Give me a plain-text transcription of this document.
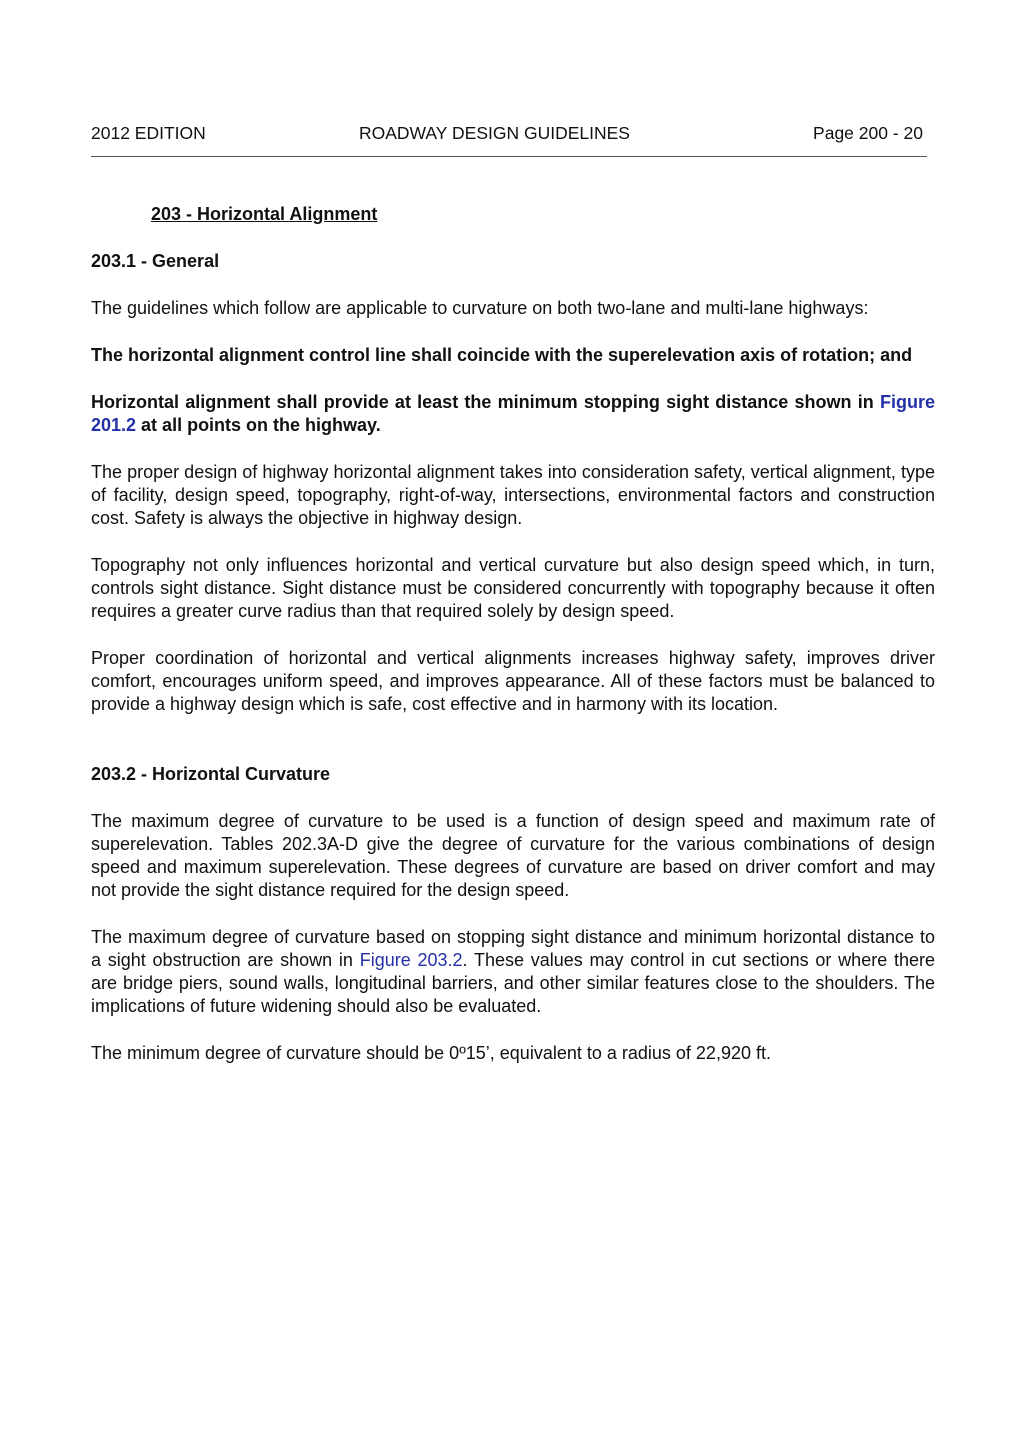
2012 EDITION	ROADWAY DESIGN GUIDELINES	Page 200 - 20

203 - Horizontal Alignment

203.1 - General

The guidelines which follow are applicable to curvature on both two-lane and multi-lane highways:

The horizontal alignment control line shall coincide with the superelevation axis of rotation; and

Horizontal alignment shall provide at least the minimum stopping sight distance shown in Figure 201.2 at all points on the highway.

The proper design of highway horizontal alignment takes into consideration safety, vertical alignment, type of facility, design speed, topography, right-of-way, intersections, environmental factors and construction cost. Safety is always the objective in highway design.

Topography not only influences horizontal and vertical curvature but also design speed which, in turn, controls sight distance. Sight distance must be considered concurrently with topography because it often requires a greater curve radius than that required solely by design speed.

Proper coordination of horizontal and vertical alignments increases highway safety, improves driver comfort, encourages uniform speed, and improves appearance. All of these factors must be balanced to provide a highway design which is safe, cost effective and in harmony with its location.

203.2 - Horizontal Curvature

The maximum degree of curvature to be used is a function of design speed and maximum rate of superelevation. Tables 202.3A-D give the degree of curvature for the various combinations of design speed and maximum superelevation. These degrees of curvature are based on driver comfort and may not provide the sight distance required for the design speed.

The maximum degree of curvature based on stopping sight distance and minimum horizontal distance to a sight obstruction are shown in Figure 203.2. These values may control in cut sections or where there are bridge piers, sound walls, longitudinal barriers, and other similar features close to the shoulders. The implications of future widening should also be evaluated.

The minimum degree of curvature should be 0º15’, equivalent to a radius of 22,920 ft.
